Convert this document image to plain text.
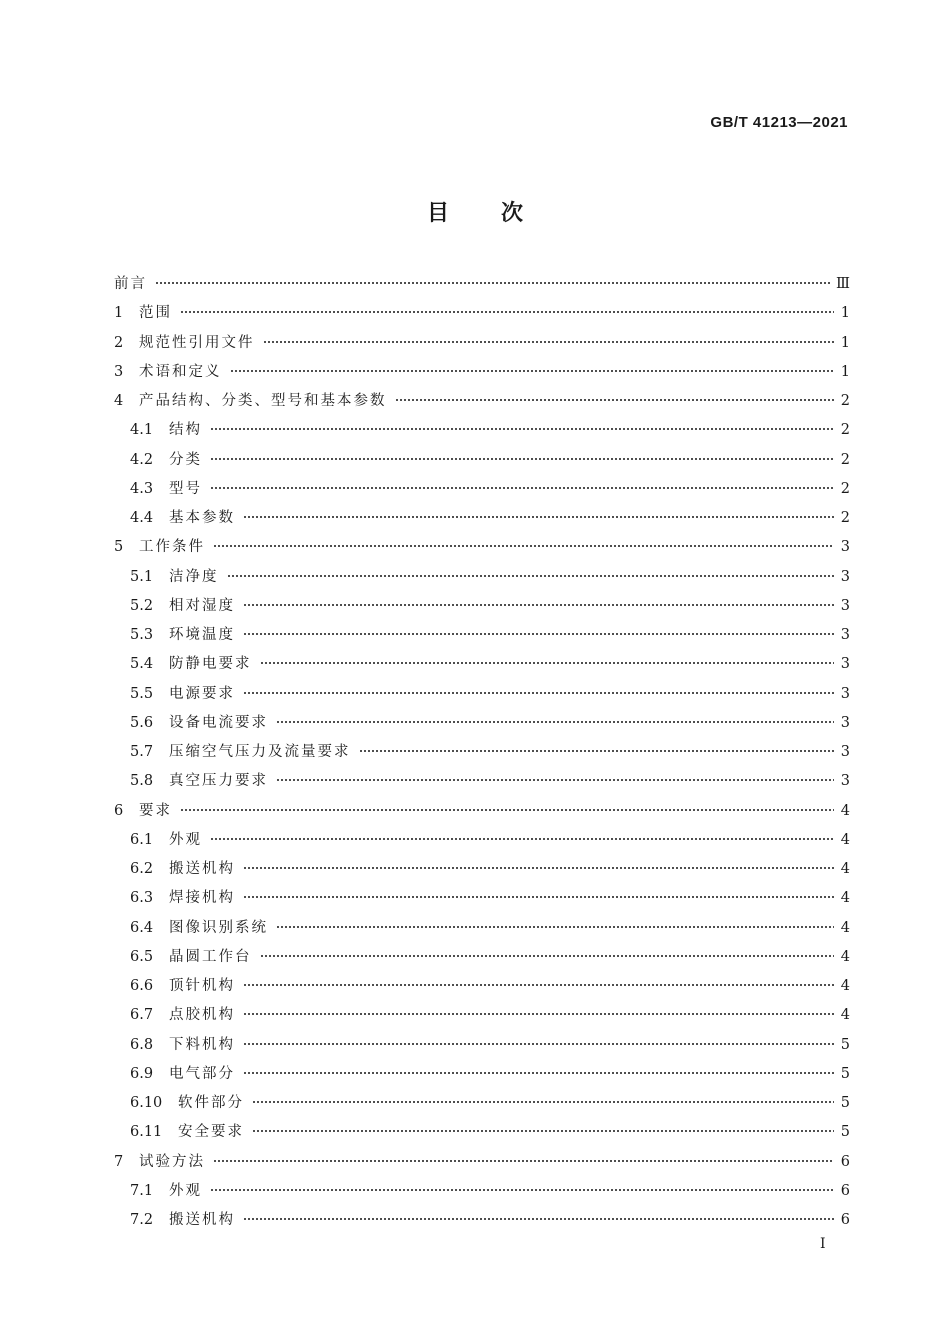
GB/T 41213—2021
目次
前言	Ⅲ
1	范围	1
2	规范性引用文件	1
3	术语和定义	1
4	产品结构、分类、型号和基本参数	2
4.1	结构	2
4.2	分类	2
4.3	型号	2
4.4	基本参数	2
5	工作条件	3
5.1	洁净度	3
5.2	相对湿度	3
5.3	环境温度	3
5.4	防静电要求	3
5.5	电源要求	3
5.6	设备电流要求	3
5.7	压缩空气压力及流量要求	3
5.8	真空压力要求	3
6	要求	4
6.1	外观	4
6.2	搬送机构	4
6.3	焊接机构	4
6.4	图像识别系统	4
6.5	晶圆工作台	4
6.6	顶针机构	4
6.7	点胶机构	4
6.8	下料机构	5
6.9	电气部分	5
6.10	软件部分	5
6.11	安全要求	5
7	试验方法	6
7.1	外观	6
7.2	搬送机构	6
I
